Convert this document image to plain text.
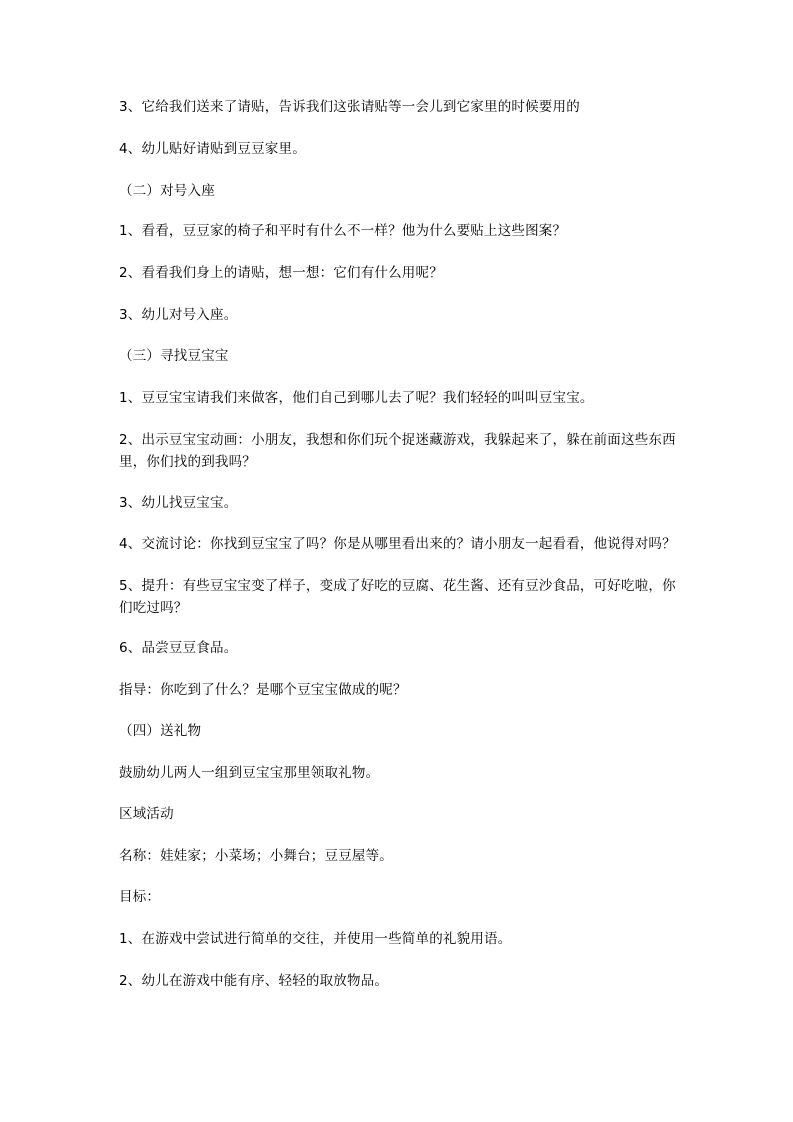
3、它给我们送来了请贴，告诉我们这张请贴等一会儿到它家里的时候要用的
4、幼儿贴好请贴到豆豆家里。
（二）对号入座
1、看看，豆豆家的椅子和平时有什么不一样？他为什么要贴上这些图案？
2、看看我们身上的请贴，想一想：它们有什么用呢？
3、幼儿对号入座。
（三）寻找豆宝宝
1、豆豆宝宝请我们来做客，他们自己到哪儿去了呢？我们轻轻的叫叫豆宝宝。
2、出示豆宝宝动画：小朋友，我想和你们玩个捉迷藏游戏，我躲起来了，躲在前面这些东西里，你们找的到我吗？
3、幼儿找豆宝宝。
4、交流讨论：你找到豆宝宝了吗？你是从哪里看出来的？请小朋友一起看看，他说得对吗？
5、提升：有些豆宝宝变了样子，变成了好吃的豆腐、花生酱、还有豆沙食品，可好吃啦，你们吃过吗？
6、品尝豆豆食品。
指导：你吃到了什么？是哪个豆宝宝做成的呢？
（四）送礼物
鼓励幼儿两人一组到豆宝宝那里领取礼物。
区域活动
名称：娃娃家；小菜场；小舞台；豆豆屋等。
目标：
1、在游戏中尝试进行简单的交往，并使用一些简单的礼貌用语。
2、幼儿在游戏中能有序、轻轻的取放物品。
